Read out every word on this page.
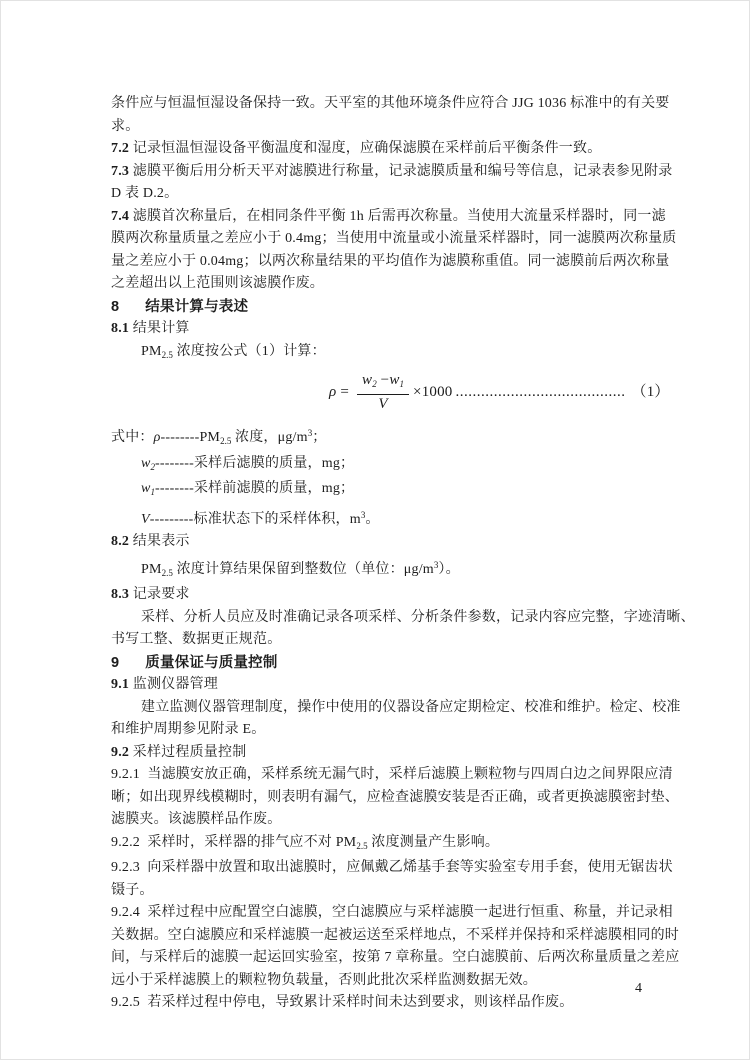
条件应与恒温恒湿设备保持一致。天平室的其他环境条件应符合 JJG 1036 标准中的有关要
求。
7.2 记录恒温恒湿设备平衡温度和湿度，应确保滤膜在采样前后平衡条件一致。
7.3 滤膜平衡后用分析天平对滤膜进行称量，记录滤膜质量和编号等信息，记录表参见附录
D 表 D.2。
7.4 滤膜首次称量后，在相同条件平衡 1h 后需再次称量。当使用大流量采样器时，同一滤
膜两次称量质量之差应小于 0.4mg；当使用中流量或小流量采样器时，同一滤膜两次称量质
量之差应小于 0.04mg；以两次称量结果的平均值作为滤膜称重值。同一滤膜前后两次称量
之差超出以上范围则该滤膜作废。
8 结果计算与表述
8.1 结果计算
$PM_{2.5}$ 浓度按公式（1）计算：
$\rho = \frac{w_2 -w_1}{V} \times 1000$ ........................................ （1）
式中：$\rho--------PM_{2.5}$ 浓度，$\mu g/m^3$；
$w_2--------$采样后滤膜的质量，mg；
$w_1--------$采样前滤膜的质量，mg；
V---------标准状态下的采样体积，$m^3$。
8.2 结果表示
$PM_{2.5}$ 浓度计算结果保留到整数位（单位：$\mu g/m^3$）。
8.3 记录要求
采样、分析人员应及时准确记录各项采样、分析条件参数，记录内容应完整，字迹清晰、
书写工整、数据更正规范。
9 质量保证与质量控制
9.1 监测仪器管理
建立监测仪器管理制度，操作中使用的仪器设备应定期检定、校准和维护。检定、校准
和维护周期参见附录 E。
9.2 采样过程质量控制
9.2.1  当滤膜安放正确，采样系统无漏气时，采样后滤膜上颗粒物与四周白边之间界限应清
晰；如出现界线模糊时，则表明有漏气，应检查滤膜安装是否正确，或者更换滤膜密封垫、
滤膜夹。该滤膜样品作废。
9.2.2  采样时，采样器的排气应不对 $PM_{2.5}$ 浓度测量产生影响。
9.2.3  向采样器中放置和取出滤膜时，应佩戴乙烯基手套等实验室专用手套，使用无锯齿状
镊子。
9.2.4  采样过程中应配置空白滤膜，空白滤膜应与采样滤膜一起进行恒重、称量，并记录相
关数据。空白滤膜应和采样滤膜一起被运送至采样地点，不采样并保持和采样滤膜相同的时
间，与采样后的滤膜一起运回实验室，按第 7 章称量。空白滤膜前、后两次称量质量之差应
远小于采样滤膜上的颗粒物负载量，否则此批次采样监测数据无效。
9.2.5  若采样过程中停电，导致累计采样时间未达到要求，则该样品作废。
4
